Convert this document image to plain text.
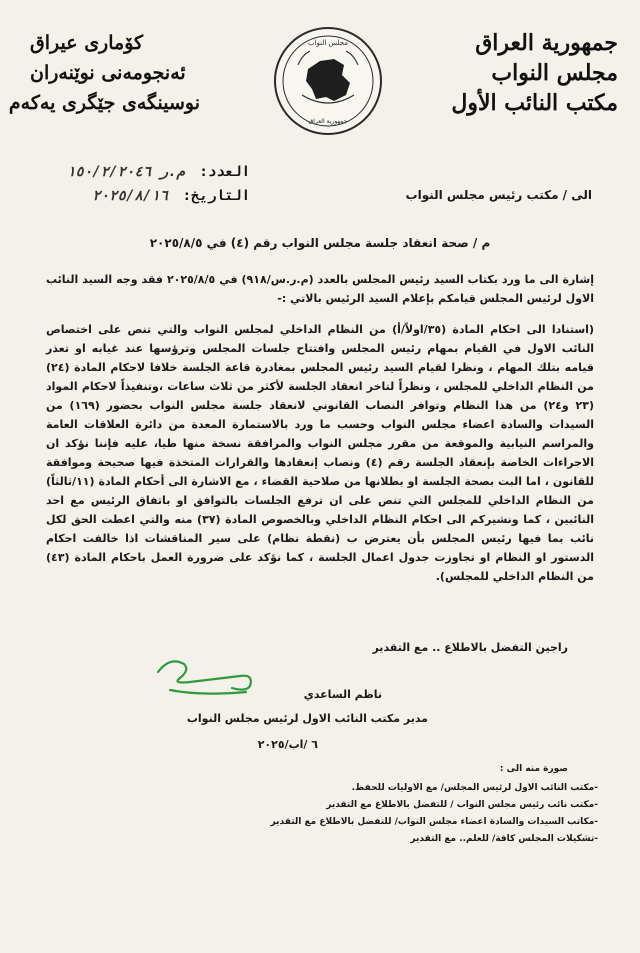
جمهورية العراق
مجلس النواب
مكتب النائب الأول
كۆماری عیراق
ئەنجومەنی نوێنەران
نوسینگەی جێگری یەکەم
مجلس النواب
جمهورية العراق
العدد: م.ر ١٥٠/٢/٢٠٤٦
التاريخ: ٢٠٢٥/٨/١٦	الى / مكتب رئيس مجلس النواب
م / صحة انعقاد جلسة مجلس النواب رقم (٤) في ٢٠٢٥/٨/٥

إشارة الى ما ورد بكتاب السيد رئيس المجلس بالعدد (م.ر.س/٩١٨) في ٢٠٢٥/٨/٥ فقد وجه السيد النائب الاول لرئيس المجلس قيامكم بإعلام السيد الرئيس بالاتي :-

(استنادا الى احكام المادة (٣٥/اولاً/أ) من النظام الداخلي لمجلس النواب والتي تنص على اختصاص النائب الاول في القيام بمهام رئيس المجلس وافتتاح جلسات المجلس وترؤسها عند غيابه او تعذر قيامه بتلك المهام ، ونظرا لقيام السيد رئيس المجلس بمغادرة قاعة الجلسة خلافا لاحكام المادة (٢٤) من النظام الداخلي للمجلس ، ونظراً لتاخر انعقاد الجلسة لأكثر من ثلاث ساعات ،وتنفيذاً لاحكام المواد (٢٣ و٢٤) من هذا النظام وتوافر النصاب القانوني لانعقاد جلسة مجلس النواب بحضور (١٦٩) من السيدات والسادة اعضاء مجلس النواب وحسب ما ورد بالاستمارة المعدة من دائرة العلاقات العامة والمراسم النيابية والموقعة من مقرر مجلس النواب والمرافقة نسخة منها طيا، عليه فإننا نؤكد ان الاجراءات الخاصة بإنعقاد الجلسة رقم (٤) ونصاب إنعقادها والقرارات المتخذة فيها صحيحة وموافقة للقانون ، اما البت بصحة الجلسة او بطلانها من صلاحية القضاء ، مع الاشارة الى أحكام المادة (١١/ثالثاً) من النظام الداخلي للمجلس التي تنص على ان ترفع الجلسات بالتوافق او باتفاق الرئيس مع احد النائبين ، كما ونشيركم الى احكام النظام الداخلي وبالخصوص المادة (٣٧) منه والتي اعطت الحق لكل نائب بما فيها رئيس المجلس بأن يعترض ب (نقطة نظام) على سير المناقشات اذا خالفت احكام الدستور او النظام او تجاوزت جدول اعمال الجلسة ، كما نؤكد على ضرورة العمل باحكام المادة (٤٣) من النظام الداخلي للمجلس).

راجين التفضل بالاطلاع .. مع التقدير
ناظم الساعدي
مدير مكتب النائب الاول لرئيس مجلس النواب
٦ /اب/٢٠٢٥
صورة منه الى :
-مكتب النائب الاول لرئيس المجلس/ مع الاوليات للحفظ.
-مكتب نائب رئيس مجلس النواب / للتفضل بالاطلاع مع التقدير
-مكاتب السيدات والسادة اعضاء مجلس النواب/ للتفضل بالاطلاع مع التقدير
-تشكيلات المجلس كافة/ للعلم.. مع التقدير
